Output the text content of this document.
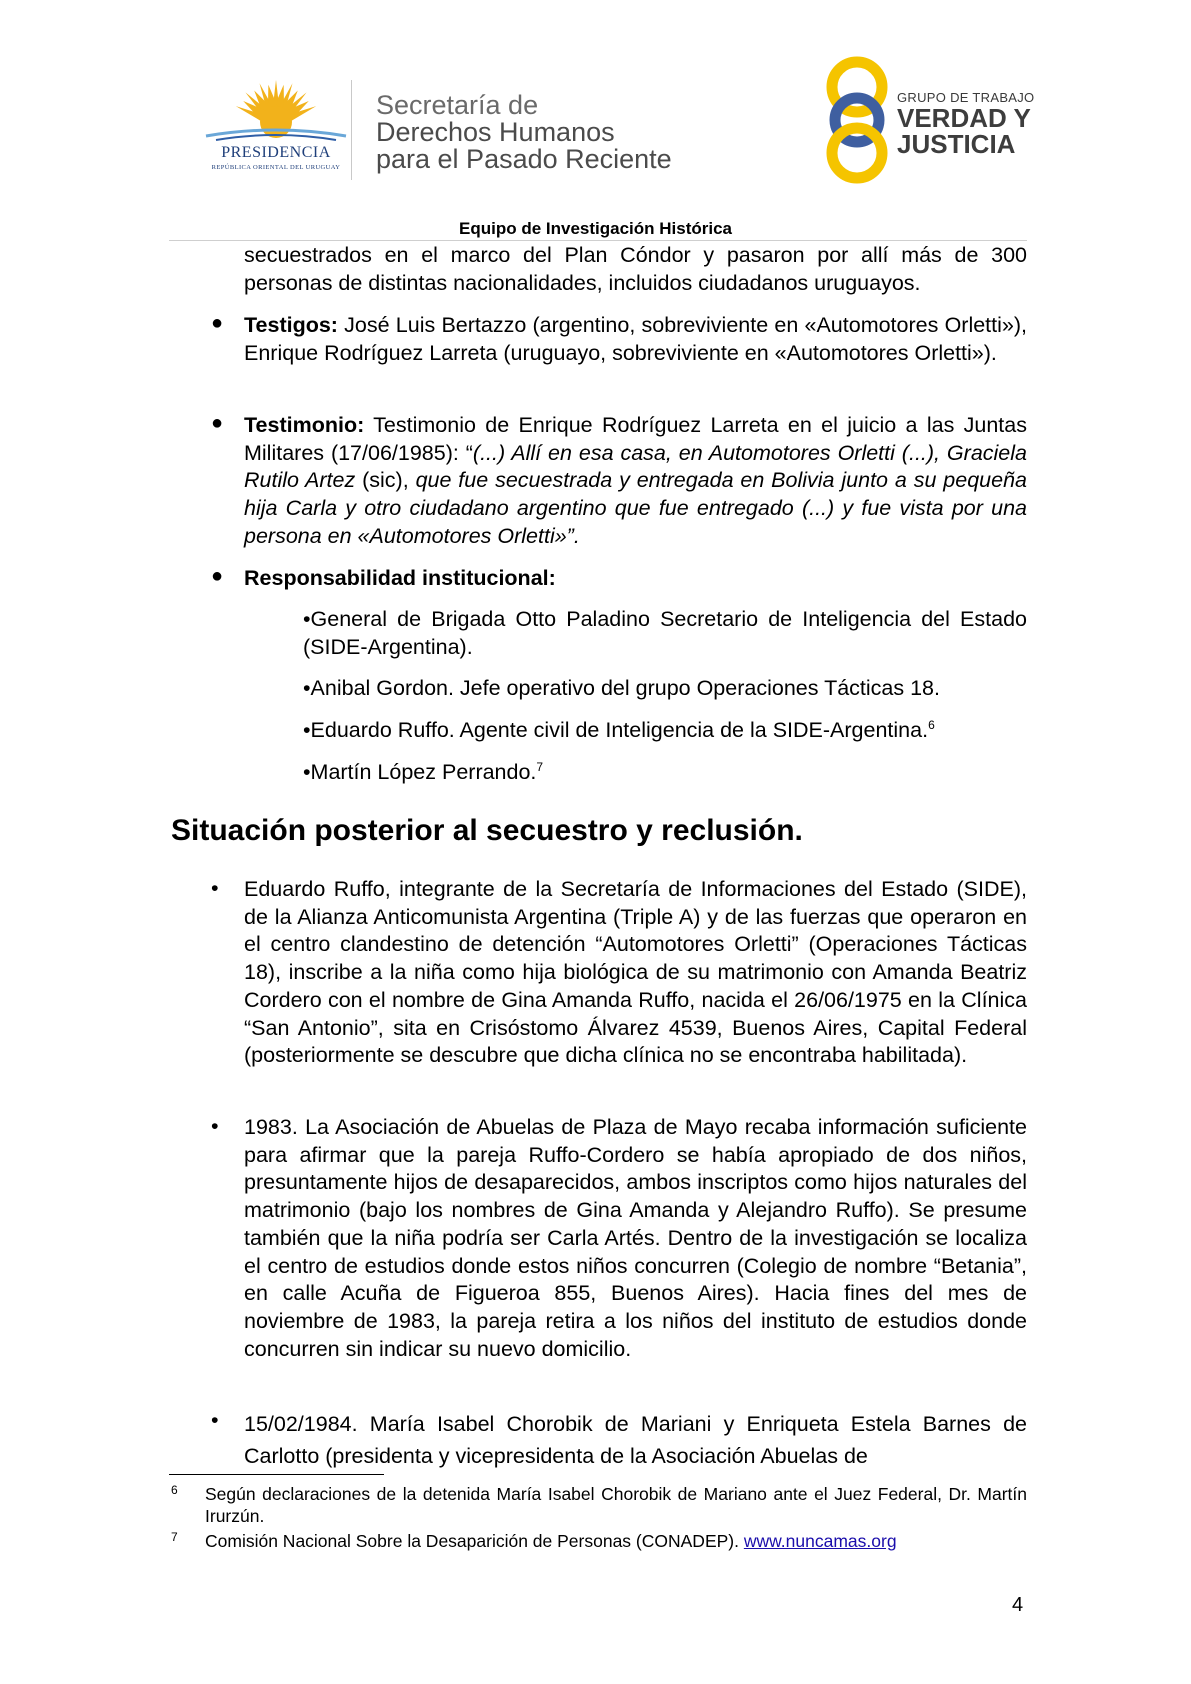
PRESIDENCIA
REPÚBLICA ORIENTAL DEL URUGUAY
Secretaría de
Derechos Humanos
para el Pasado Reciente
GRUPO DE TRABAJO
VERDAD Y
JUSTICIA
Equipo de Investigación Histórica
secuestrados en el marco del Plan Cóndor y pasaron por allí más de 300
personas de distintas nacionalidades, incluidos ciudadanos uruguayos.
● Testigos: José Luis Bertazzo (argentino, sobreviviente en «Automotores Orletti»), Enrique Rodríguez Larreta (uruguayo, sobreviviente en «Automotores Orletti»).
● Testimonio: Testimonio de Enrique Rodríguez Larreta en el juicio a las Juntas Militares (17/06/1985): “(...) Allí en esa casa, en Automotores Orletti (...), Graciela Rutilo Artez (sic), que fue secuestrada y entregada en Bolivia junto a su pequeña hija Carla y otro ciudadano argentino que fue entregado (...) y fue vista por una persona en «Automotores Orletti»”.
● Responsabilidad institucional:
•General de Brigada Otto Paladino Secretario de Inteligencia del Estado (SIDE-Argentina).
•Anibal Gordon. Jefe operativo del grupo Operaciones Tácticas 18.
•Eduardo Ruffo. Agente civil de Inteligencia de la SIDE-Argentina.$^6$
•Martín López Perrando.$^7$
Situación posterior al secuestro y reclusión.
• Eduardo Ruffo, integrante de la Secretaría de Informaciones del Estado (SIDE), de la Alianza Anticomunista Argentina (Triple A) y de las fuerzas que operaron en el centro clandestino de detención “Automotores Orletti” (Operaciones Tácticas 18), inscribe a la niña como hija biológica de su matrimonio con Amanda Beatriz Cordero con el nombre de Gina Amanda Ruffo, nacida el 26/06/1975 en la Clínica “San Antonio”, sita en Crisóstomo Álvarez 4539, Buenos Aires, Capital Federal (posteriormente se descubre que dicha clínica no se encontraba habilitada).
• 1983. La Asociación de Abuelas de Plaza de Mayo recaba información suficiente para afirmar que la pareja Ruffo-Cordero se había apropiado de dos niños, presuntamente hijos de desaparecidos, ambos inscriptos como hijos naturales del matrimonio (bajo los nombres de Gina Amanda y Alejandro Ruffo). Se presume también que la niña podría ser Carla Artés. Dentro de la investigación se localiza el centro de estudios donde estos niños concurren (Colegio de nombre “Betania”, en calle Acuña de Figueroa 855, Buenos Aires). Hacia fines del mes de noviembre de 1983, la pareja retira a los niños del instituto de estudios donde concurren sin indicar su nuevo domicilio.
• 15/02/1984. María Isabel Chorobik de Mariani y Enriqueta Estela Barnes de Carlotto (presidenta y vicepresidenta de la Asociación Abuelas de
6 Según declaraciones de la detenida María Isabel Chorobik de Mariano ante el Juez Federal, Dr. Martín Irurzún.
7 Comisión Nacional Sobre la Desaparición de Personas (CONADEP). www.nuncamas.org
4
